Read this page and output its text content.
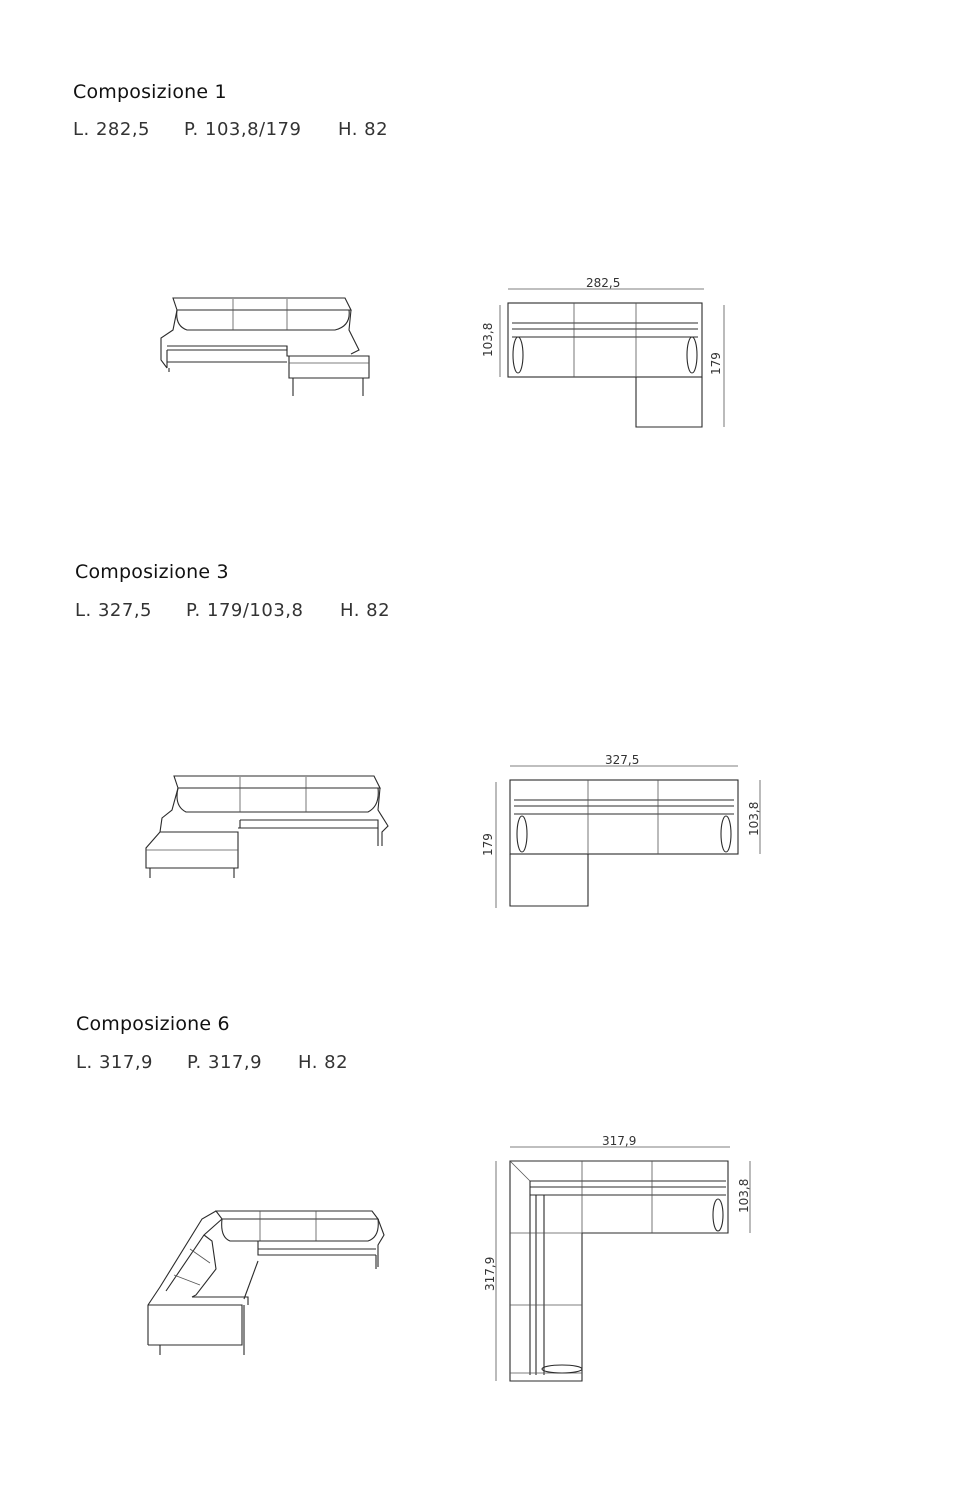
Composizione 1
L. 282,5 P. 103,8/179 H. 82
282,5
103,8
179
Composizione 3
L. 327,5 P. 179/103,8 H. 82
327,5
179
103,8
Composizione 6
L. 317,9 P. 317,9 H. 82
317,9
317,9
103,8
